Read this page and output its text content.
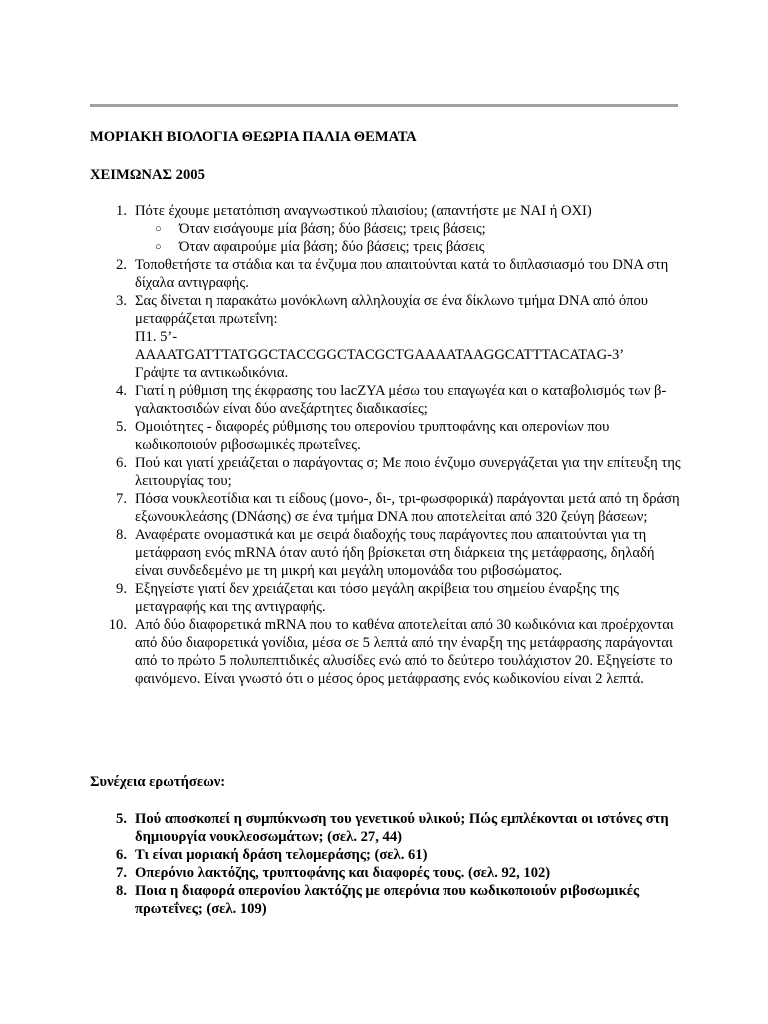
ΜΟΡΙΑΚΗ ΒΙΟΛΟΓΙΑ ΘΕΩΡΙΑ ΠΑΛΙΑ ΘΕΜΑΤΑ
ΧΕΙΜΩΝΑΣ 2005
1. Πότε έχουμε μετατόπιση αναγνωστικού πλαισίου; (απαντήστε με ΝΑΙ ή ΟΧΙ)
○ Όταν εισάγουμε μία βάση; δύο βάσεις; τρεις βάσεις;
○ Όταν αφαιρούμε μία βάση; δύο βάσεις; τρεις βάσεις
2. Τοποθετήστε τα στάδια και τα ένζυμα που απαιτούνται κατά το διπλασιασμό του DNA στη δίχαλα αντιγραφής.
3. Σας δίνεται η παρακάτω μονόκλωνη αλληλουχία σε ένα δίκλωνο τμήμα DNA από όπου μεταφράζεται πρωτεΐνη:
Π1. 5’-
AAAATGATTTATGGCTACCGGCTACGCTGAAAATAAGGCATTTACATAG-3’
Γράψτε τα αντικωδικόνια.
4. Γιατί η ρύθμιση της έκφρασης του lacZYA μέσω του επαγωγέα και ο καταβολισμός των β-γαλακτοσιδών είναι δύο ανεξάρτητες διαδικασίες;
5. Ομοιότητες - διαφορές ρύθμισης του οπερονίου τρυπτοφάνης και οπερονίων που κωδικοποιούν ριβοσωμικές πρωτεΐνες.
6. Πού και γιατί χρειάζεται ο παράγοντας σ; Με ποιο ένζυμο συνεργάζεται για την επίτευξη της λειτουργίας του;
7. Πόσα νουκλεοτίδια και τι είδους (μονο-, δι-, τρι-φωσφορικά) παράγονται μετά από τη δράση εξωνουκλεάσης (DNάσης) σε ένα τμήμα DNA που αποτελείται από 320 ζεύγη βάσεων;
8. Αναφέρατε ονομαστικά και με σειρά διαδοχής τους παράγοντες που απαιτούνται για τη μετάφραση ενός mRNA όταν αυτό ήδη βρίσκεται στη διάρκεια της μετάφρασης, δηλαδή είναι συνδεδεμένο με τη μικρή και μεγάλη υπομονάδα του ριβοσώματος.
9. Εξηγείστε γιατί δεν χρειάζεται και τόσο μεγάλη ακρίβεια του σημείου έναρξης της μεταγραφής και της αντιγραφής.
10. Από δύο διαφορετικά mRNA που το καθένα αποτελείται από 30 κωδικόνια και προέρχονται από δύο διαφορετικά γονίδια, μέσα σε 5 λεπτά από την έναρξη της μετάφρασης παράγονται από το πρώτο 5 πολυπεπτιδικές αλυσίδες ενώ από το δεύτερο τουλάχιστον 20. Εξηγείστε το φαινόμενο. Είναι γνωστό ότι ο μέσος όρος μετάφρασης ενός κωδικονίου είναι 2 λεπτά.
Συνέχεια ερωτήσεων:
5. Πού αποσκοπεί η συμπύκνωση του γενετικού υλικού; Πώς εμπλέκονται οι ιστόνες στη δημιουργία νουκλεοσωμάτων; (σελ. 27, 44)
6. Τι είναι μοριακή δράση τελομεράσης; (σελ. 61)
7. Οπερόνιο λακτόζης, τρυπτοφάνης και διαφορές τους. (σελ. 92, 102)
8. Ποια η διαφορά οπερονίου λακτόζης με οπερόνια που κωδικοποιούν ριβοσωμικές πρωτεΐνες; (σελ. 109)
